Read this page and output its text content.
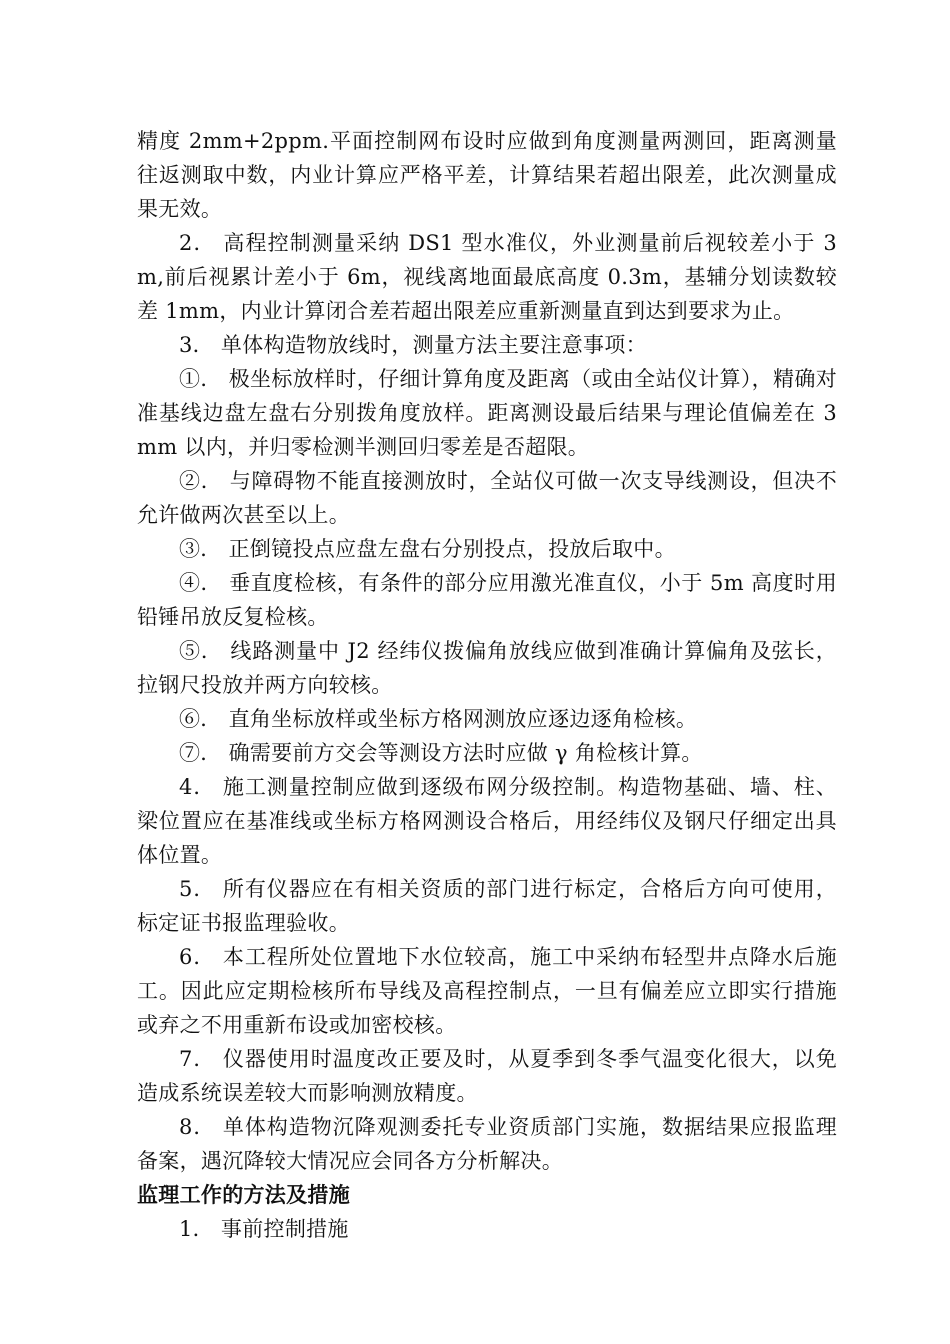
精度 2mm+2ppm.平面控制网布设时应做到角度测量两测回，距离测量往返测取中数，内业计算应严格平差，计算结果若超出限差，此次测量成果无效。

2． 高程控制测量采纳 DS1 型水准仪，外业测量前后视较差小于 3m,前后视累计差小于 6m，视线离地面最底高度 0.3m，基辅分划读数较差 1mm，内业计算闭合差若超出限差应重新测量直到达到要求为止。

3． 单体构造物放线时，测量方法主要注意事项：

①． 极坐标放样时，仔细计算角度及距离（或由全站仪计算），精确对准基线边盘左盘右分别拨角度放样。距离测设最后结果与理论值偏差在 3mm 以内，并归零检测半测回归零差是否超限。

②． 与障碍物不能直接测放时，全站仪可做一次支导线测设，但决不允许做两次甚至以上。

③． 正倒镜投点应盘左盘右分别投点，投放后取中。

④． 垂直度检核，有条件的部分应用激光准直仪，小于 5m 高度时用铅锤吊放反复检核。

⑤． 线路测量中 J2 经纬仪拨偏角放线应做到准确计算偏角及弦长，拉钢尺投放并两方向较核。

⑥． 直角坐标放样或坐标方格网测放应逐边逐角检核。

⑦． 确需要前方交会等测设方法时应做 γ 角检核计算。

4． 施工测量控制应做到逐级布网分级控制。构造物基础、墙、柱、梁位置应在基准线或坐标方格网测设合格后，用经纬仪及钢尺仔细定出具体位置。

5． 所有仪器应在有相关资质的部门进行标定，合格后方向可使用，标定证书报监理验收。

6． 本工程所处位置地下水位较高，施工中采纳布轻型井点降水后施工。因此应定期检核所布导线及高程控制点，一旦有偏差应立即实行措施或弃之不用重新布设或加密校核。

7． 仪器使用时温度改正要及时，从夏季到冬季气温变化很大，以免造成系统误差较大而影响测放精度。

8． 单体构造物沉降观测委托专业资质部门实施，数据结果应报监理备案，遇沉降较大情况应会同各方分析解决。

监理工作的方法及措施

1． 事前控制措施
